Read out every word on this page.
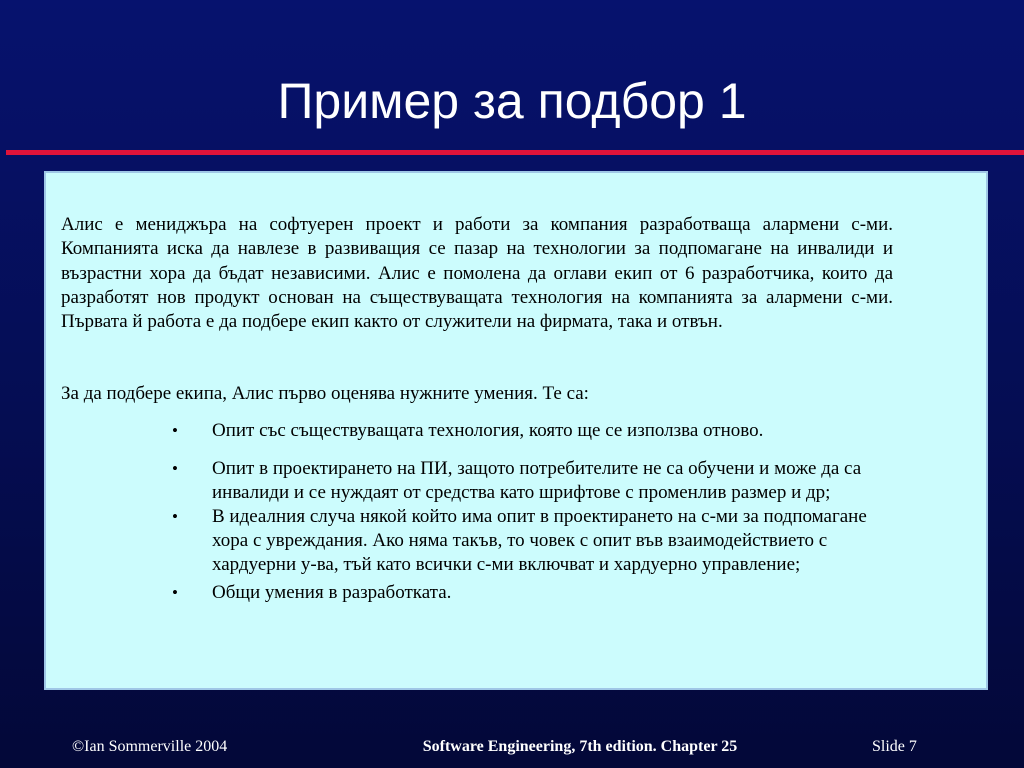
Пример за подбор 1

Алис е мениджъра на софтуерен проект и работи за компания разработваща алармени с-ми. Компанията иска да навлезе в развиващия се пазар на технологии за подпомагане на инвалиди и възрастни хора да бъдат независими. Алис е помолена да оглави екип от 6 разработчика, които да разработят нов продукт основан на съществуващата технология на компанията за алармени с-ми. Първата й работа е да подбере екип както от служители на фирмата, така и отвън.

За да подбере екипа, Алис първо оценява нужните умения. Те са:

• Опит със съществуващата технология, която ще се използва отново.
• Опит в проектирането на ПИ, защото потребителите не са обучени и може да са инвалиди и се нуждаят от средства като шрифтове с променлив размер и др;
• В идеалния случа някой който има опит в проектирането на с-ми за подпомагане хора с увреждания. Ако няма такъв, то човек с опит във взаимодействието с хардуерни у-ва, тъй като всички с-ми включват и хардуерно управление;
• Общи умения в разработката.
©Ian Sommerville 2004	Software Engineering, 7th edition. Chapter 25	Slide 7
